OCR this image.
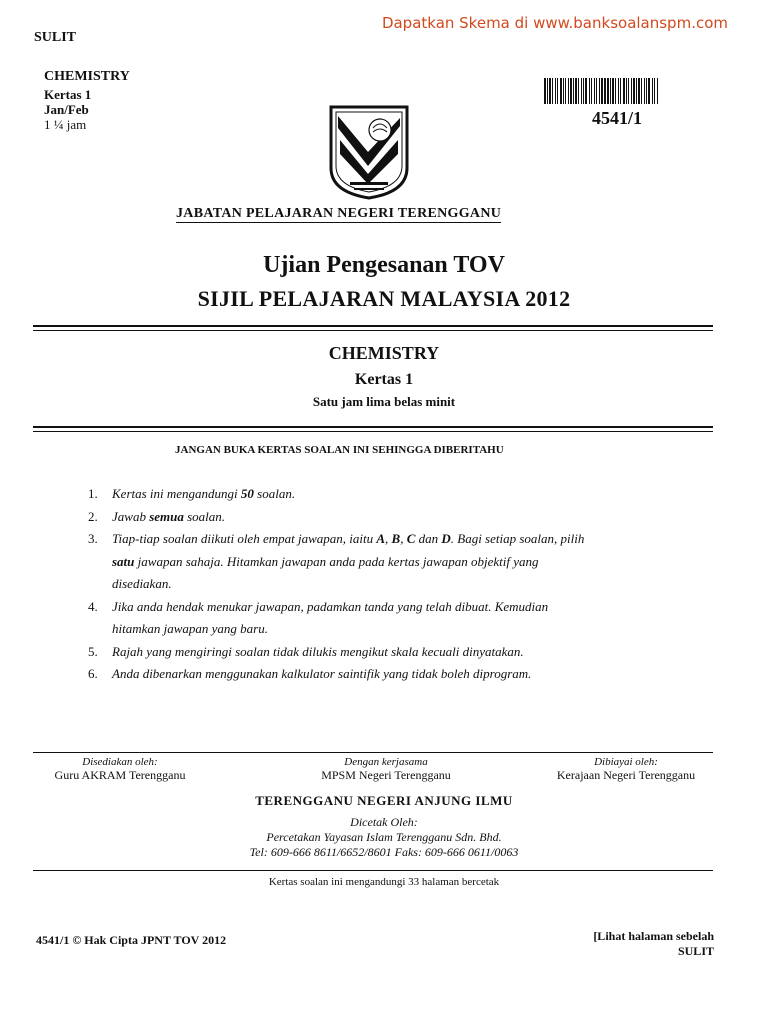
Dapatkan Skema di www.banksoalanspm.com
SULIT
CHEMISTRY
Kertas 1
Jan/Feb
1 ¼ jam	4541/1
JABATAN PELAJARAN NEGERI TERENGGANU
Ujian Pengesanan TOV
SIJIL PELAJARAN MALAYSIA 2012
CHEMISTRY
Kertas 1
Satu jam lima belas minit
JANGAN BUKA KERTAS SOALAN INI SEHINGGA DIBERITAHU
1. Kertas ini mengandungi 50 soalan.
2. Jawab semua soalan.
3. Tiap-tiap soalan diikuti oleh empat jawapan, iaitu A, B, C dan D. Bagi setiap soalan, pilih
satu jawapan sahaja. Hitamkan jawapan anda pada kertas jawapan objektif yang
disediakan.
4. Jika anda hendak menukar jawapan, padamkan tanda yang telah dibuat. Kemudian
hitamkan jawapan yang baru.
5. Rajah yang mengiringi soalan tidak dilukis mengikut skala kecuali dinyatakan.
6. Anda dibenarkan menggunakan kalkulator saintifik yang tidak boleh diprogram.
Disediakan oleh:
Guru AKRAM Terengganu
Dengan kerjasama
MPSM Negeri Terengganu
Dibiayai oleh:
Kerajaan Negeri Terengganu
TERENGGANU NEGERI ANJUNG ILMU
Dicetak Oleh:
Percetakan Yayasan Islam Terengganu Sdn. Bhd.
Tel: 609-666 8611/6652/8601 Faks: 609-666 0611/0063
Kertas soalan ini mengandungi 33 halaman bercetak
4541/1 © Hak Cipta JPNT TOV 2012	[Lihat halaman sebelah
SULIT
